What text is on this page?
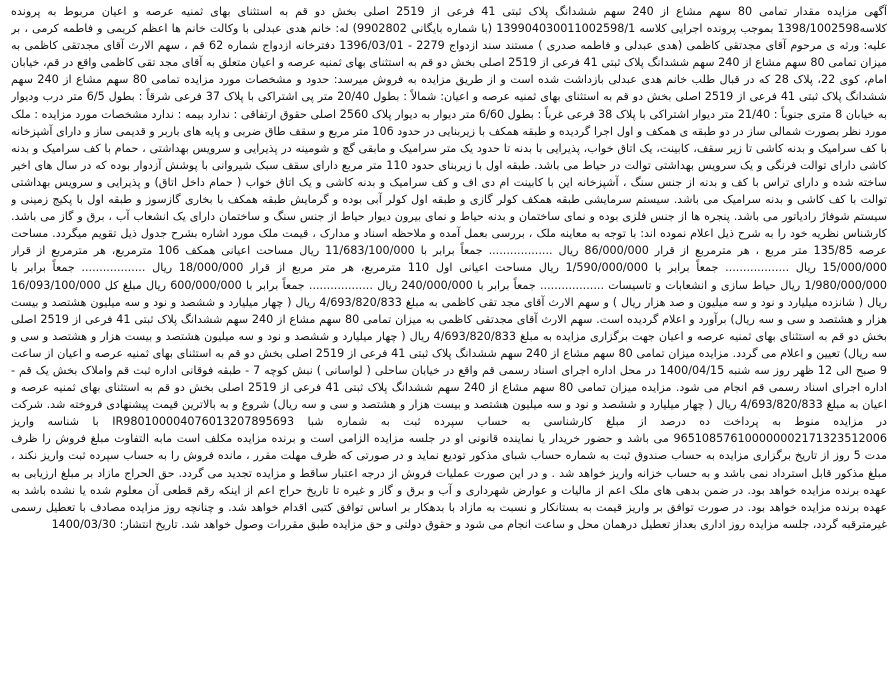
آگهی مزایده مقدار تمامی 80 سهم مشاع از 240 سهم ششدانگ پلاک ثبتی 41 فرعی از 2519 اصلی بخش دو قم به استثنای بهای ثمنیه عرصه و اعیان مربوط به پرونده کلاسه1398/1002598 بموجب پرونده اجرایی کلاسه 139904030011002598/1 (با شماره بایگانی 9902802) له: خانم هدی عبدلی با وکالت خانم ها اعظم کریمی و فاطمه کرمی ، بر علیه: ورثه ی مرحوم آقای مجدتقی کاظمی (هدی عبدلی و فاطمه صدری ) مستند سند ازدواج 2279 - 1396/03/01 دفترخانه ازدواج شماره 62 قم ، سهم الارث آقای مجدتقی کاظمی به میزان تمامی 80 سهم مشاع از 240 سهم ششدانگ پلاک ثبتی 41 فرعی از 2519 اصلی بخش دو قم به استثنای بهای ثمنیه عرصه و اعیان متعلق به آقای مجد تقی کاظمی واقع در قم، خیابان امام، کوی 22، پلاک 28 که در قبال طلب خانم هدی عبدلی بازداشت شده است و از طریق مزایده به فروش میرسد: حدود و مشخصات مورد مزایده تمامی 80 سهم مشاع از 240 سهم ششدانگ پلاک ثبتی 41 فرعی از 2519 اصلی بخش دو قم به استثنای بهای ثمنیه عرصه و اعیان: شمالاً : بطول 20/40 متر پی اشتراکی با پلاک 37 فرعی شرقاً : بطول 6/5 متر درب وديوار به خيابان 8 متری جنوباً : 21/40 متر دیوار اشتراکی با پلاک 38 فرعی غرباً : بطول 6/60 متر دیوار به دیوار پلاک 2560 اصلی حقوق ارتفاقی : ندارد بیمه : ندارد مشخصات مورد مزایده : ملک مورد نظر بصورت شمالی ساز در دو طبقه ی همکف و اول اجرا گردیده و طبقه همکف با زیربنایی در حدود 106 متر مربع و سقف طاق ضربی و پایه های باربر و قدیمی ساز و دارای آشپزخانه با کف سرامیک و بدنه کاشی تا زیر سقف، کابینت، یک اتاق خواب، پذیرایی با بدنه تا حدود یک متر سرامیک و مابقی گچ و شومینه در پذیرایی و سرویس بهداشتی ، حمام با کف سرامیک و بدنه کاشی دارای توالت فرنگی و یک سرویس بهداشتی توالت در حیاط می باشد. طبقه اول با زیربنای حدود 110 متر مربع دارای سقف سبک شیروانی با پوشش آزدوار بوده که در سال های اخیر ساخته شده و دارای تراس با کف و بدنه از جنس سنگ ، آشپزخانه این با کابینت ام دی اف و کف سرامیک و بدنه کاشی و یک اتاق خواب ( حمام داخل اتاق) و پذیرایی و سرویس بهداشتی توالت با کف کاشی و بدنه سرامیک می باشد. سیستم سرمایشی طبقه همکف کولر گازی و طبقه اول کولر آبی بوده و گرمایش طبقه همکف با بخاری گازسوز و طبقه اول با پکیج زمینی و سیستم شوفاژ رادیاتور می باشد. پنجره ها از جنس فلزی بوده و نمای ساختمان و بدنه حیاط و نمای بیرون دیوار حیاط از جنس سنگ و ساختمان دارای یک انشعاب آب ، برق و گاز می باشد. کارشناس نظریه خود را به شرح ذیل اعلام نموده اند: با توجه به معاینه ملک ، بررسی بعمل آمده و ملاحظه اسناد و مدارک ، قیمت ملک مورد اشاره بشرح جدول ذیل تقویم میگردد. مساحت عرصه 135/85 متر مربع ، هر مترمربع از قرار 86/000/000 ریال .................. جمعاً برابر با 11/683/100/000 ریال مساحت اعیانی همکف 106 مترمربع، هر مترمربع از قرار 15/000/000 ریال .................. جمعاً برابر با 1/590/000/000 ریال مساحت اعیانی اول 110 مترمربع، هر متر مربع از قرار 18/000/000 ریال .................. جمعاً برابر با 1/980/000/000 ریال حیاط سازی و انشعابات و تاسیسات .................. جمعاً برابر با 240/000/000 ریال .................. جمعاً برابر با 600/000/000 ریال مبلغ کل 16/093/100/000 ریال ( شانزده میلیارد و نود و سه میلیون و صد هزار ریال ) و سهم الارث آقای مجد تقی کاظمی به مبلغ 4/693/820/833 ریال ( چهار میلیارد و ششصد و نود و سه میلیون هشتصد و بیست هزار و هشتصد و سی و سه ریال) برآورد و اعلام گردیده است. سهم الارث آقای مجدتقی کاظمی به میزان تمامی 80 سهم مشاع از 240 سهم ششدانگ پلاک ثبتی 41 فرعی از 2519 اصلی بخش دو قم به استثنای بهای ثمنیه عرصه و اعیان جهت برگزاری مزایده به مبلغ 4/693/820/833 ریال ( چهار میلیارد و ششصد و نود و سه میلیون هشتصد و بیست هزار و هشتصد و سی و سه ریال) تعیین و اعلام می گردد. مزایده میزان تمامی 80 سهم مشاع از 240 سهم ششدانگ پلاک ثبتی 41 فرعی از 2519 اصلی بخش دو قم به استثنای بهای ثمنیه عرصه و اعیان از ساعت 9 صبح الی 12 ظهر روز سه شنبه 1400/04/15 در محل اداره اجرای اسناد رسمی قم واقع در خیابان ساحلی ( لواسانی ) نبش کوچه 7 - طبقه فوقانی اداره ثبت قم واملاک بخش یک قم - اداره اجرای اسناد رسمی قم انجام می شود. مزایده میزان تمامی 80 سهم مشاع از 240 سهم ششدانگ پلاک ثبتی 41 فرعی از 2519 اصلی بخش دو قم به استثنای بهای ثمنیه عرصه و اعیان به مبلغ 4/693/820/833 ریال ( چهار میلیارد و ششصد و نود و سه میلیون هشتصد و بیست هزار و هشتصد و سی و سه ریال) شروع و به بالاترین قیمت پیشنهادی فروخته شد. شرکت در مزایده منوط به پرداخت ده درصد از مبلغ کارشناسی به حساب سپرده ثبت به شماره شبا IR980100004076013207895693 با شناسه واریز 965108576100000002171323512006 می باشد و حضور خریدار یا نماینده قانونی او در جلسه مزایده الزامی است و برنده مزایده مکلف است مابه التفاوت مبلغ فروش را ظرف مدت 5 روز از تاریخ برگزاری مزایده به حساب صندوق ثبت به شماره حساب شبای مذکور تودیع نماید و در صورتی که ظرف مهلت مقرر ، مانده فروش را به حساب سپرده ثبت واریز نکند ، مبلغ مذکور قابل استرداد نمی باشد و به حساب خزانه واریز خواهد شد . و در این صورت عملیات فروش از درجه اعتبار ساقط و مزایده تجدید می گردد. حق الحراج مازاد بر مبلغ ارزیابی به عهده برنده مزایده خواهد بود. در ضمن بدهی های ملک اعم از مالیات و عوارض شهرداری و آب و برق و گاز و غیره تا تاریخ حراج اعم از اینکه رقم قطعی آن معلوم شده یا نشده باشد به عهده برنده مزایده خواهد بود. در صورت توافق بر واریز قیمت به بستانکار و نسبت به مازاد با بدهکار بر اساس توافق کتبی اقدام خواهد شد. و چنانچه روز مزایده مصادف با تعطیل رسمی غیرمترقبه گردد، جلسه مزایده روز اداری بعداز تعطیل درهمان محل و ساعت انجام می شود و حقوق دولتی و حق مزایده طبق مقررات وصول خواهد شد. تاریخ انتشار: 1400/03/30
